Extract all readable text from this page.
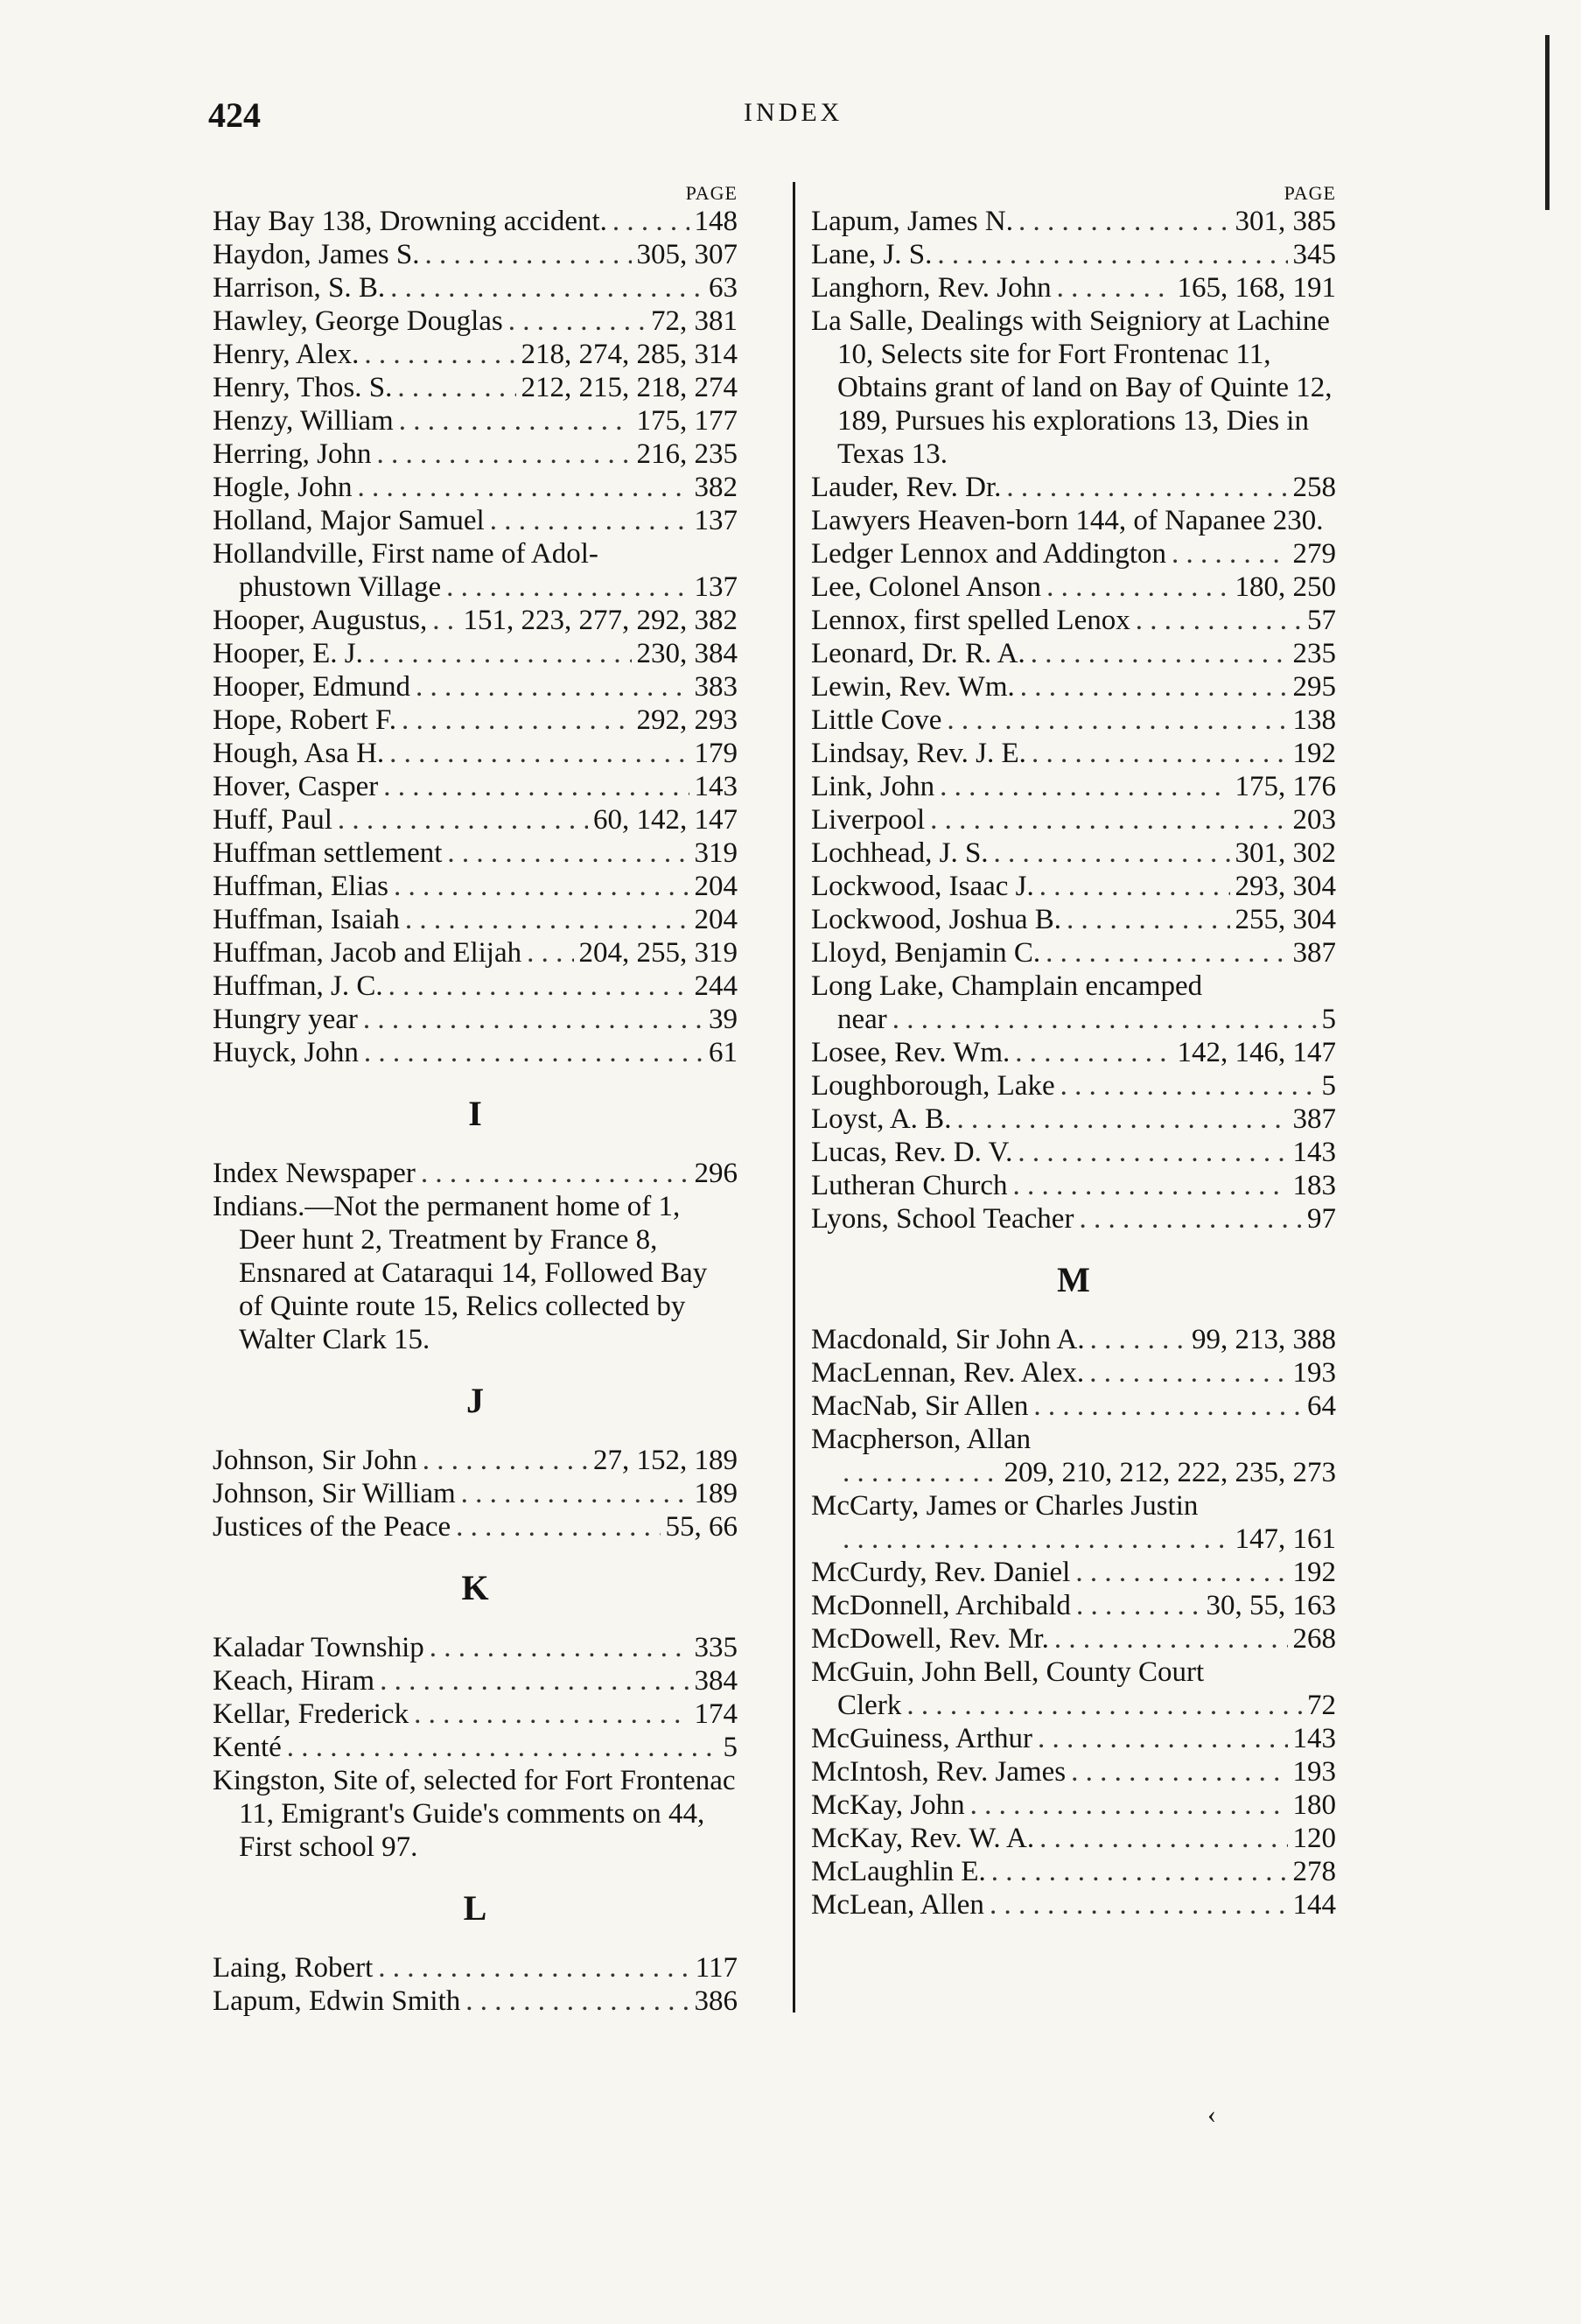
424	INDEX
PAGE
Hay Bay 138, Drowning accident. . . .	148
Haydon, James S. . . .	305, 307
Harrison, S. B. . . .	63
Hawley, George Douglas . . .	72, 381
Henry, Alex. . . .	218, 274, 285, 314
Henry, Thos. S. . . .	212, 215, 218, 274
Henzy, William . . .	175, 177
Herring, John . . .	216, 235
Hogle, John . . .	382
Holland, Major Samuel . . .	137
Hollandville, First name of Adol-
phustown Village . . .	137
Hooper, Augustus, . . . 151, 223, 277, 292, 382
Hooper, E. J. . . .	230, 384
Hooper, Edmund . . .	383
Hope, Robert F. . . .	292, 293
Hough, Asa H. . . .	179
Hover, Casper . . .	143
Huff, Paul . . .	60, 142, 147
Huffman settlement . . .	319
Huffman, Elias . . .	204
Huffman, Isaiah . . .	204
Huffman, Jacob and Elijah . . . 204, 255, 319
Huffman, J. C. . . .	244
Hungry year . . .	39
Huyck, John . . .	61
I
Index Newspaper . . .	296
Indians.—Not the permanent home of 1, Deer hunt 2, Treatment by France 8, Ensnared at Cataraqui 14, Followed Bay of Quinte route 15, Relics collected by Walter Clark 15.
J
Johnson, Sir John . . .	27, 152, 189
Johnson, Sir William . . .	189
Justices of the Peace . . .	55, 66
K
Kaladar Township . . .	335
Keach, Hiram . . .	384
Kellar, Frederick . . .	174
Kenté . . .	5
Kingston, Site of, selected for Fort Frontenac 11, Emigrant's Guide's comments on 44, First school 97.
L
Laing, Robert . . .	117
Lapum, Edwin Smith . . .	386
PAGE
Lapum, James N. . . .	301, 385
Lane, J. S. . . .	345
Langhorn, Rev. John . . .	165, 168, 191
La Salle, Dealings with Seigniory at Lachine 10, Selects site for Fort Frontenac 11, Obtains grant of land on Bay of Quinte 12, 189, Pursues his explorations 13, Dies in Texas 13.
Lauder, Rev. Dr. . . .	258
Lawyers Heaven-born 144, of Napanee 230.
Ledger Lennox and Addington . . .	279
Lee, Colonel Anson . . .	180, 250
Lennox, first spelled Lenox . . .	57
Leonard, Dr. R. A. . . .	235
Lewin, Rev. Wm. . . .	295
Little Cove . . .	138
Lindsay, Rev. J. E. . . .	192
Link, John . . .	175, 176
Liverpool . . .	203
Lochhead, J. S. . . .	301, 302
Lockwood, Isaac J. . . .	293, 304
Lockwood, Joshua B. . . .	255, 304
Lloyd, Benjamin C. . . .	387
Long Lake, Champlain encamped
near . . .	5
Losee, Rev. Wm. . . .	142, 146, 147
Loughborough, Lake . . .	5
Loyst, A. B. . . .	387
Lucas, Rev. D. V. . . .	143
Lutheran Church . . .	183
Lyons, School Teacher . . .	97
M
Macdonald, Sir John A. . . .	99, 213, 388
MacLennan, Rev. Alex. . . .	193
MacNab, Sir Allen . . .	64
Macpherson, Allan
. . .
209, 210, 212, 222, 235, 273
McCarty, James or Charles Justin
. . .
147, 161
McCurdy, Rev. Daniel . . .	192
McDonnell, Archibald . . .	30, 55, 163
McDowell, Rev. Mr. . . .	268
McGuin, John Bell, County Court
Clerk . . .	72
McGuiness, Arthur . . .	143
McIntosh, Rev. James . . .	193
McKay, John . . .	180
McKay, Rev. W. A. . . .	120
McLaughlin E. . . .	278
McLean, Allen . . .	144
‹
